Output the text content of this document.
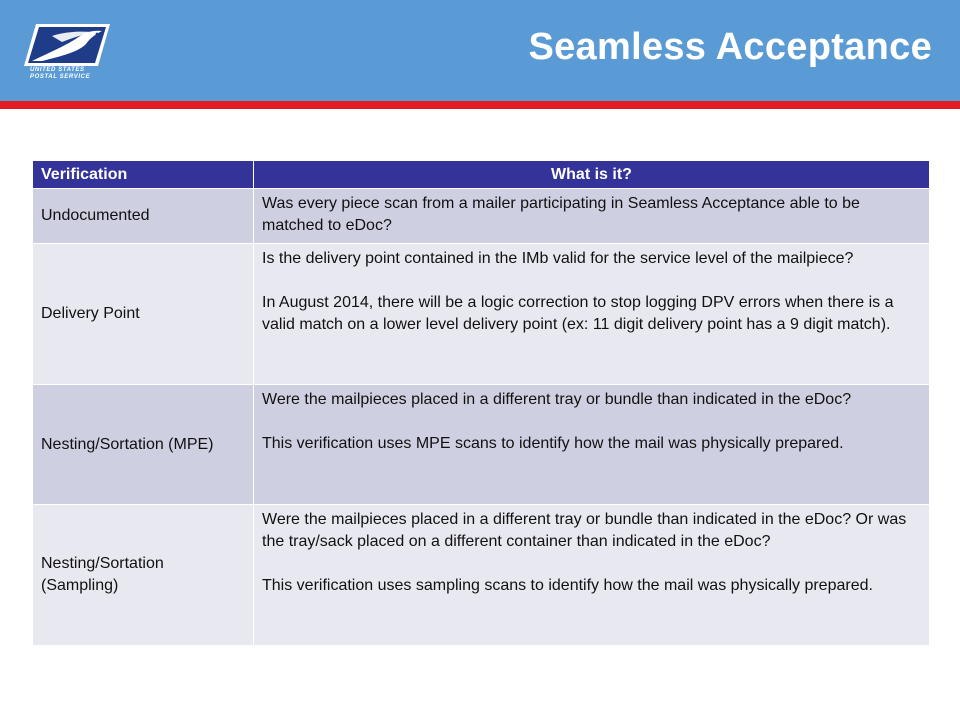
UNITED STATES
POSTAL SERVICE
Seamless Acceptance
Verification	What is it?
Undocumented	Was every piece scan from a mailer participating in Seamless Acceptance able to be matched to eDoc?

Delivery Point	Is the delivery point contained in the IMb valid for the service level of the mailpiece?

In August 2014, there will be a logic correction to stop logging DPV errors when there is a valid match on a lower level delivery point (ex: 11 digit delivery point has a 9 digit match).

Nesting/Sortation (MPE)	Were the mailpieces placed in a different tray or bundle than indicated in the eDoc?

This verification uses MPE scans to identify how the mail was physically prepared.

Nesting/Sortation (Sampling)	Were the mailpieces placed in a different tray or bundle than indicated in the eDoc? Or was the tray/sack placed on a different container than indicated in the eDoc?

This verification uses sampling scans to identify how the mail was physically prepared.
